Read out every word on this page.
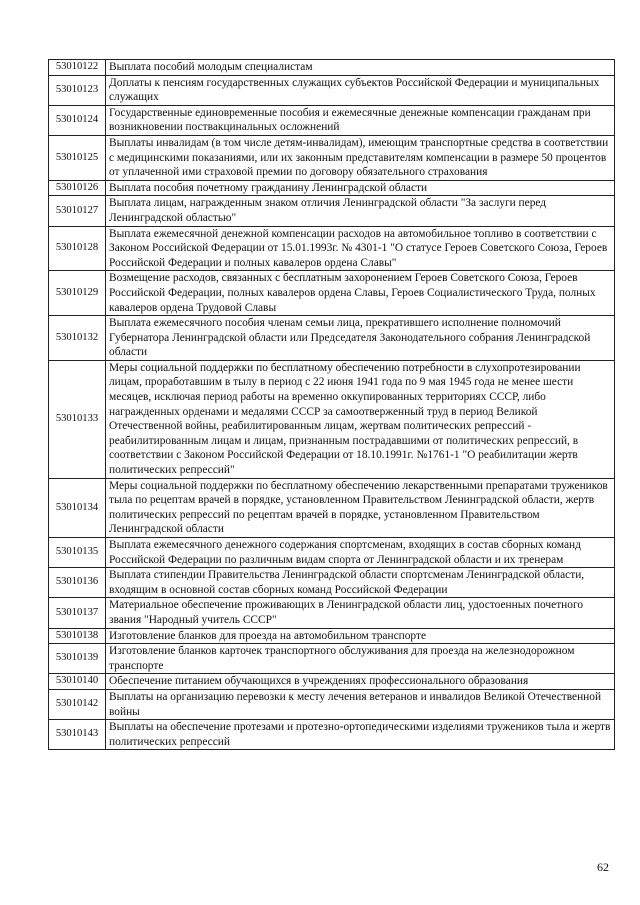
53010122	Выплата пособий молодым специалистам
53010123	Доплаты к пенсиям государственных служащих субъектов Российской Федерации и муниципальных служащих
53010124	Государственные единовременные пособия и ежемесячные денежные компенсации гражданам при возникновении поствакцинальных осложнений
53010125	Выплаты инвалидам (в том числе детям-инвалидам), имеющим транспортные средства в соответствии с медицинскими показаниями, или их законным представителям компенсации в размере 50 процентов от уплаченной ими страховой премии по договору обязательного страхования
53010126	Выплата пособия почетному гражданину Ленинградской области
53010127	Выплата лицам, награжденным знаком отличия Ленинградской области "За заслуги перед Ленинградской областью"
53010128	Выплата ежемесячной денежной компенсации расходов на автомобильное топливо в соответствии с Законом Российской Федерации от 15.01.1993г. № 4301-1 "О статусе Героев Советского Союза, Героев Российской Федерации и полных кавалеров ордена Славы"
53010129	Возмещение расходов, связанных с бесплатным захоронением Героев Советского Союза, Героев Российской Федерации, полных кавалеров ордена Славы, Героев Социалистического Труда, полных кавалеров ордена Трудовой Славы
53010132	Выплата ежемесячного пособия членам семьи лица, прекратившего исполнение полномочий Губернатора Ленинградской области или Председателя Законодательного собрания Ленинградской области
53010133	Меры социальной поддержки по бесплатному обеспечению потребности в слухопротезировании лицам, проработавшим в тылу в период с 22 июня 1941 года по 9 мая 1945 года не менее шести месяцев, исключая период работы на временно оккупированных территориях СССР, либо награжденных орденами и медалями СССР за самоотверженный труд в период Великой Отечественной войны, реабилитированным лицам, жертвам политических репрессий - реабилитированным лицам и лицам, признанным пострадавшими от политических репрессий, в соответствии с Законом Российской Федерации от 18.10.1991г. №1761-1 "О реабилитации жертв политических репрессий"
53010134	Меры социальной поддержки по бесплатному обеспечению лекарственными препаратами тружеников тыла по рецептам врачей в порядке, установленном Правительством Ленинградской области, жертв политических репрессий по рецептам врачей в порядке, установленном Правительством Ленинградской области
53010135	Выплата ежемесячного денежного содержания спортсменам, входящих в состав сборных команд Российской Федерации по различным видам спорта от Ленинградской области и их тренерам
53010136	Выплата стипендии Правительства Ленинградской области спортсменам Ленинградской области, входящим в основной состав сборных команд Российской Федерации
53010137	Материальное обеспечение проживающих в Ленинградской области лиц, удостоенных почетного звания "Народный учитель СССР"
53010138	Изготовление бланков для проезда на автомобильном транспорте
53010139	Изготовление бланков карточек транспортного обслуживания для проезда на железнодорожном транспорте
53010140	Обеспечение питанием обучающихся в учреждениях профессионального образования
53010142	Выплаты на организацию перевозки к месту лечения ветеранов и инвалидов Великой Отечественной войны
53010143	Выплаты на обеспечение протезами и протезно-ортопедическими изделиями тружеников тыла и жертв политических репрессий
62
